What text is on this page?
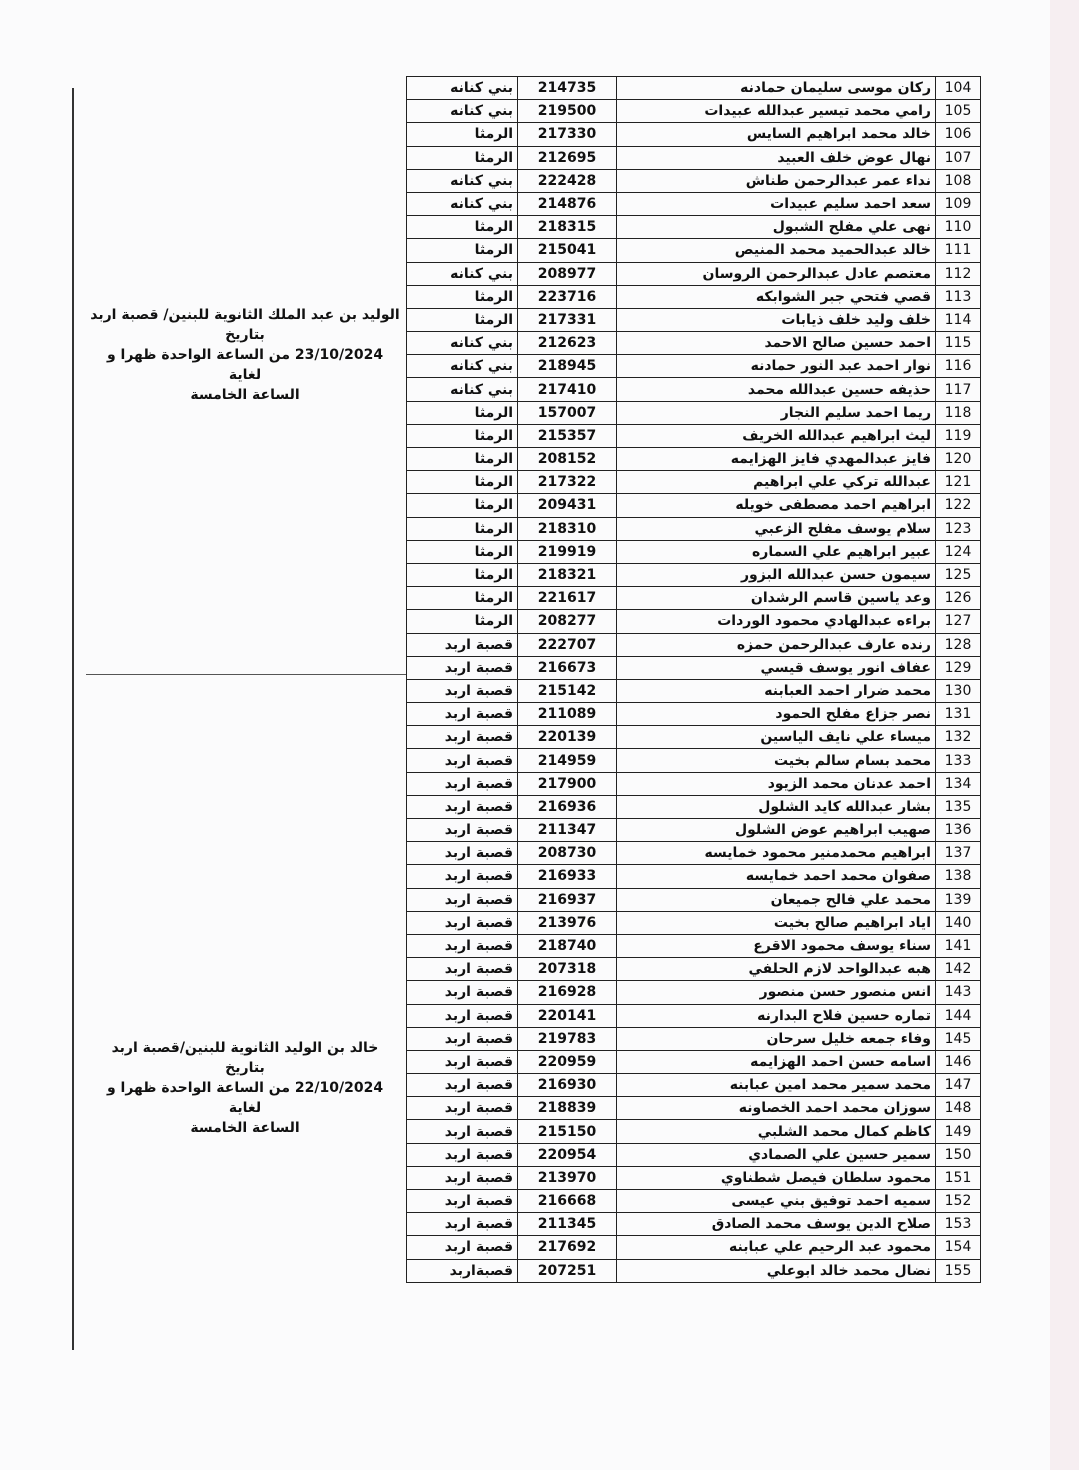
الوليد بن عبد الملك الثانوية للبنين/ قصبة اربد بتاريخ
23/10/2024 من الساعة الواحدة ظهرا و لغاية
الساعة الخامسة
خالد بن الوليد الثانوية للبنين/قصبة اربد بتاريخ
22/10/2024 من الساعة الواحدة ظهرا و لغاية
الساعة الخامسة
104	ركان موسى سليمان حمادنه	214735	بني كنانه
105	رامي محمد تيسير عبدالله عبيدات	219500	بني كنانه
106	خالد محمد ابراهيم السايس	217330	الرمثا
107	نهال عوض خلف العبيد	212695	الرمثا
108	نداء عمر عبدالرحمن طناش	222428	بني كنانه
109	سعد احمد سليم عبيدات	214876	بني كنانه
110	نهى علي مفلح الشبول	218315	الرمثا
111	خالد عبدالحميد محمد المنيص	215041	الرمثا
112	معتصم عادل عبدالرحمن الروسان	208977	بني كنانه
113	قصي فتحي جبر الشوابكه	223716	الرمثا
114	خلف وليد خلف ذيابات	217331	الرمثا
115	احمد حسين صالح الاحمد	212623	بني كنانه
116	نوار احمد عبد النور حمادنه	218945	بني كنانه
117	حذيفه حسين عبدالله محمد	217410	بني كنانه
118	ريما احمد سليم النجار	157007	الرمثا
119	ليث ابراهيم عبدالله الخريف	215357	الرمثا
120	فايز عبدالمهدي فايز الهزايمه	208152	الرمثا
121	عبدالله تركي علي ابراهيم	217322	الرمثا
122	ابراهيم احمد مصطفى خويله	209431	الرمثا
123	سلام يوسف مفلح الزعبي	218310	الرمثا
124	عبير ابراهيم علي السماره	219919	الرمثا
125	سيمون حسن عبدالله البزور	218321	الرمثا
126	وعد ياسين قاسم الرشدان	221617	الرمثا
127	براءه عبدالهادي محمود الوردات	208277	الرمثا
128	رنده عارف عبدالرحمن حمزه	222707	قصبة اربد
129	عفاف انور يوسف قيسي	216673	قصبة اربد
130	محمد ضرار احمد العبابنه	215142	قصبة اربد
131	نصر جزاع مفلح الحمود	211089	قصبة اربد
132	ميساء علي نايف الياسين	220139	قصبة اربد
133	محمد بسام سالم بخيت	214959	قصبة اربد
134	احمد عدنان محمد الزيود	217900	قصبة اربد
135	بشار عبدالله كايد الشلول	216936	قصبة اربد
136	صهيب ابراهيم عوض الشلول	211347	قصبة اربد
137	ابراهيم محمدمنير محمود خمايسه	208730	قصبة اربد
138	صفوان محمد احمد خمايسه	216933	قصبة اربد
139	محمد علي فالح جميعان	216937	قصبة اربد
140	اياد ابراهيم صالح بخيت	213976	قصبة اربد
141	سناء يوسف محمود الاقرع	218740	قصبة اربد
142	هبه عبدالواحد لازم الحلفي	207318	قصبة اربد
143	انس منصور حسن منصور	216928	قصبة اربد
144	تماره حسين فلاح البدارنه	220141	قصبة اربد
145	وفاء جمعه خليل سرحان	219783	قصبة اربد
146	اسامه حسن احمد الهزايمه	220959	قصبة اربد
147	محمد سمير محمد امين عبابنه	216930	قصبة اربد
148	سوزان محمد احمد الخصاونه	218839	قصبة اربد
149	كاظم كمال محمد الشلبي	215150	قصبة اربد
150	سمير حسين علي الصمادي	220954	قصبة اربد
151	محمود سلطان فيصل شطناوي	213970	قصبة اربد
152	سميه احمد توفيق بني عيسى	216668	قصبة اربد
153	صلاح الدين يوسف محمد الصادق	211345	قصبة اربد
154	محمود عبد الرحيم علي عبابنه	217692	قصبة اربد
155	نضال محمد خالد ابوعلي	207251	قصبةاربد
